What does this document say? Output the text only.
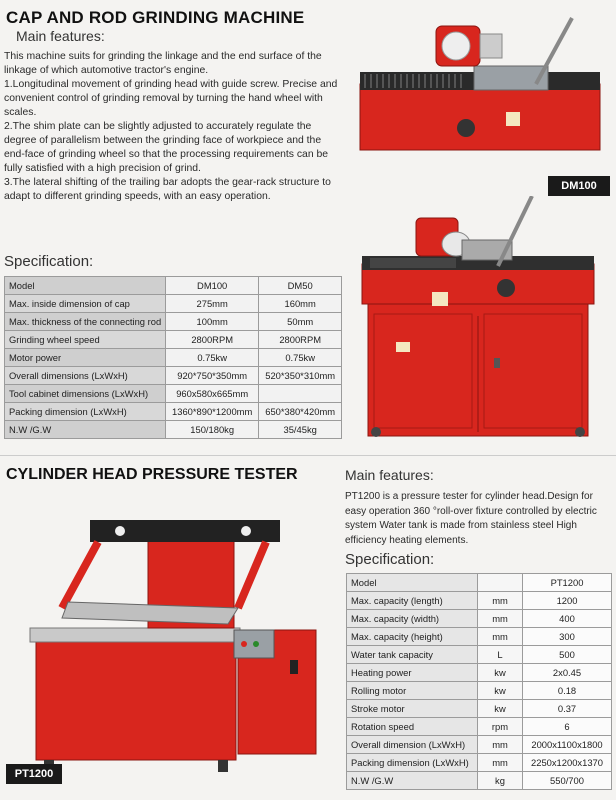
CAP AND ROD GRINDING MACHINE
Main features:

This machine suits for grinding the linkage and the end surface of the linkage of which automotive tractor's engine.

1.Longitudinal movement of grinding head with guide screw. Precise and convenient control of grinding removal by turning the hand wheel with scales.

2.The shim plate can be slightly adjusted to accurately regulate the degree of parallelism between the grinding face of workpiece and the end-face of grinding wheel so that the processing requirements can be fully satisfied with a high precision of grind.

3.The lateral shifting of the trailing bar adopts the gear-rack structure to adapt to different grinding speeds, with an easy operation.

Specification:
Model	DM100	DM50
Max. inside dimension of cap	275mm	160mm
Max. thickness of the connecting rod	100mm	50mm
Grinding wheel speed	2800RPM	2800RPM
Motor power	0.75kw	0.75kw
Overall dimensions (LxWxH)	920*750*350mm	520*350*310mm
Tool cabinet dimensions (LxWxH)	960x580x665mm	
Packing dimension (LxWxH)	1360*890*1200mm	650*380*420mm
N.W /G.W	150/180kg	35/45kg
DM100
CYLINDER HEAD PRESSURE TESTER	Main features:
PT1200 is a pressure tester for cylinder head.Design for easy operation 360 °roll-over fixture controlled by electric system Water tank is made from stainless steel High efficiency heating elements.
Specification:
Model		PT1200
Max. capacity (length)	mm	1200
Max. capacity (width)	mm	400
Max. capacity (height)	mm	300
Water tank capacity	L	500
Heating power	kw	2x0.45
Rolling motor	kw	0.18
Stroke motor	kw	0.37
Rotation speed	rpm	6
Overall dimension (LxWxH)	mm	2000x1100x1800
Packing dimension (LxWxH)	mm	2250x1200x1370
N.W /G.W	kg	550/700
PT1200
